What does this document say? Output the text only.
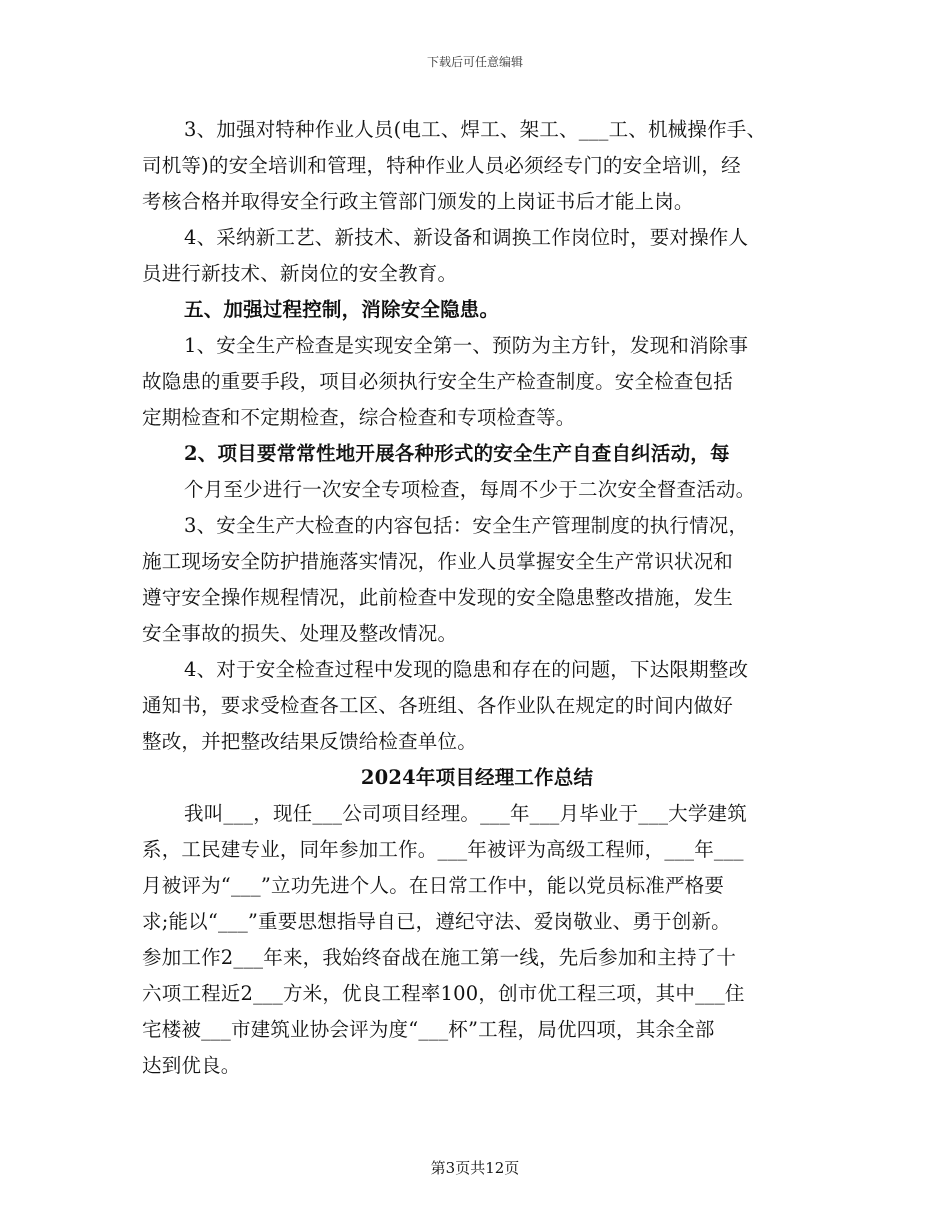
下载后可任意编辑
3、加强对特种作业人员(电工、焊工、架工、___工、机械操作手、
司机等)的安全培训和管理，特种作业人员必须经专门的安全培训，经
考核合格并取得安全行政主管部门颁发的上岗证书后才能上岗。
4、采纳新工艺、新技术、新设备和调换工作岗位时，要对操作人
员进行新技术、新岗位的安全教育。
五、加强过程控制，消除安全隐患。
1、安全生产检查是实现安全第一、预防为主方针，发现和消除事
故隐患的重要手段，项目必须执行安全生产检查制度。安全检查包括
定期检查和不定期检查，综合检查和专项检查等。
2、项目要常常性地开展各种形式的安全生产自查自纠活动，每
个月至少进行一次安全专项检查，每周不少于二次安全督查活动。
3、安全生产大检查的内容包括：安全生产管理制度的执行情况，
施工现场安全防护措施落实情况，作业人员掌握安全生产常识状况和
遵守安全操作规程情况，此前检查中发现的安全隐患整改措施，发生
安全事故的损失、处理及整改情况。
4、对于安全检查过程中发现的隐患和存在的问题，下达限期整改
通知书，要求受检查各工区、各班组、各作业队在规定的时间内做好
整改，并把整改结果反馈给检查单位。
2024年项目经理工作总结
我叫___，现任___公司项目经理。___年___月毕业于___大学建筑
系，工民建专业，同年参加工作。___年被评为高级工程师，___年___
月被评为“___”立功先进个人。在日常工作中，能以党员标准严格要
求;能以“___”重要思想指导自已，遵纪守法、爱岗敬业、勇于创新。
参加工作2___年来，我始终奋战在施工第一线，先后参加和主持了十
六项工程近2___方米，优良工程率100，创市优工程三项，其中___住
宅楼被___市建筑业协会评为度“___杯”工程，局优四项，其余全部
达到优良。
第3页共12页
